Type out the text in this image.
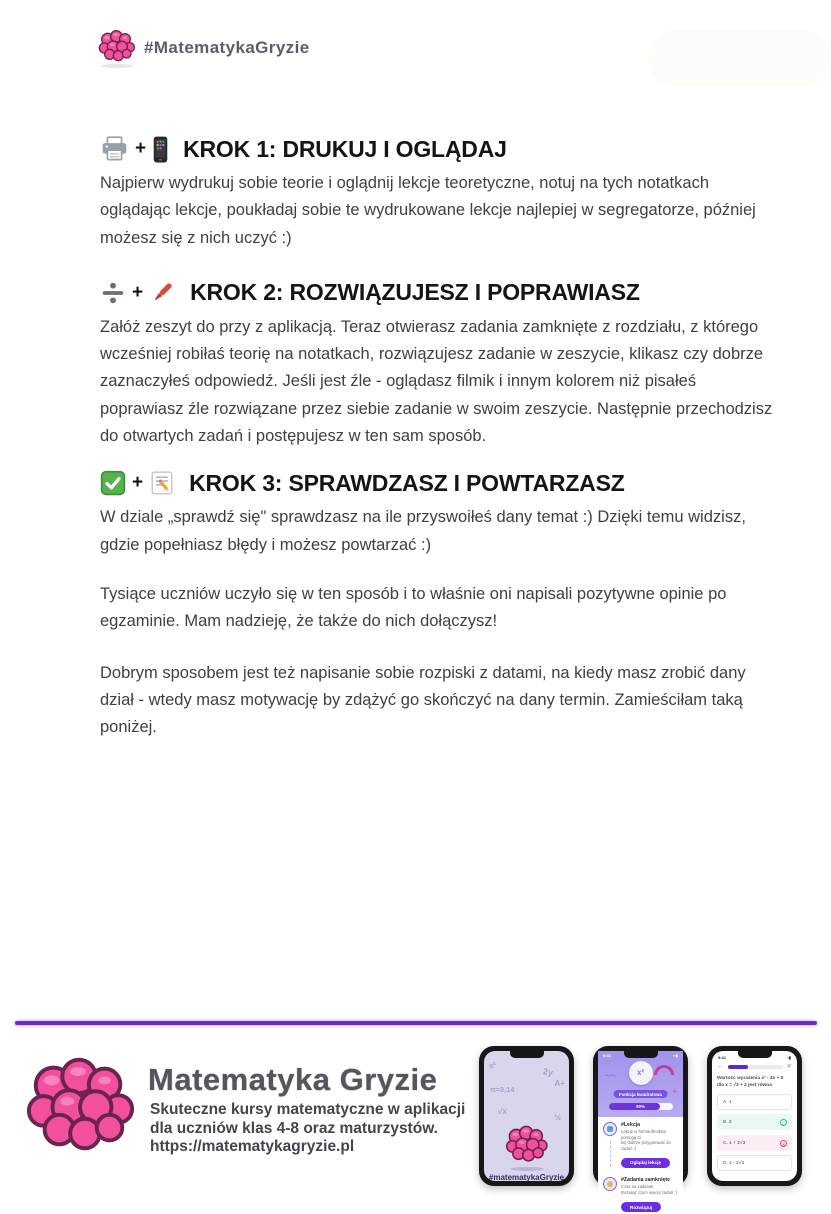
#MatematykaGryzie
+ KROK 1: DRUKUJ I OGLĄDAJ

Najpierw wydrukuj sobie teorie i oglądnij lekcje teoretyczne, notuj na tych notatkach oglądając lekcje, poukładaj sobie te wydrukowane lekcje najlepiej w segregatorze, później możesz się z nich uczyć :)

+ KROK 2: ROZWIĄZUJESZ I POPRAWIASZ

Załóż zeszyt do przy z aplikacją. Teraz otwierasz zadania zamknięte z rozdziału, z którego wcześniej robiłaś teorię na notatkach, rozwiązujesz zadanie w zeszycie, klikasz czy dobrze zaznaczyłeś odpowiedź. Jeśli jest źle - oglądasz filmik i innym kolorem niż pisałeś poprawiasz źle rozwiązane przez siebie zadanie w swoim zeszycie. Następnie przechodzisz do otwartych zadań i postępujesz w ten sam sposób.

+ KROK 3: SPRAWDZASZ I POWTARZASZ

W dziale „sprawdź się" sprawdzasz na ile przyswoiłeś dany temat :) Dzięki temu widzisz, gdzie popełniasz błędy i możesz powtarzać :)

Tysiące uczniów uczyło się w ten sposób i to właśnie oni napisali pozytywne opinie po egzaminie. Mam nadzieję, że także do nich dołączysz!

Dobrym sposobem jest też napisanie sobie rozpiski z datami, na kiedy masz zrobić dany dział - wtedy masz motywację by zdążyć go skończyć na dany termin. Zamieściłam taką poniżej.

Matematyka Gryzie
Skuteczne kursy matematyczne w aplikacji
dla uczniów klas 4-8 oraz maturzystów.
https://matematykagryzie.pl
x²
2y
A+
π≈3,14
√x
½
#matematykaGryzie
9:41	▪▪▮
x²
〜〜
+
Funkcja kwadratowa
80%
#Lekcja
Lekcje w formie filmików pomogą Ci
się dobrze przygotować do zadań :)
Oglądaj lekcję
#Zadania zamknięte
Czas na zadania!
Rozwiąż czym więcej zadań :)
Rozwiązuj
9:41	▪▮
←	✕
Wartość wyrażenia x² - 4x + 5
dla x = √3 + 2 jest równa
A. 1
B. 3	✓
C. 1 + 2√3	✕
D. 1 - 2√3
